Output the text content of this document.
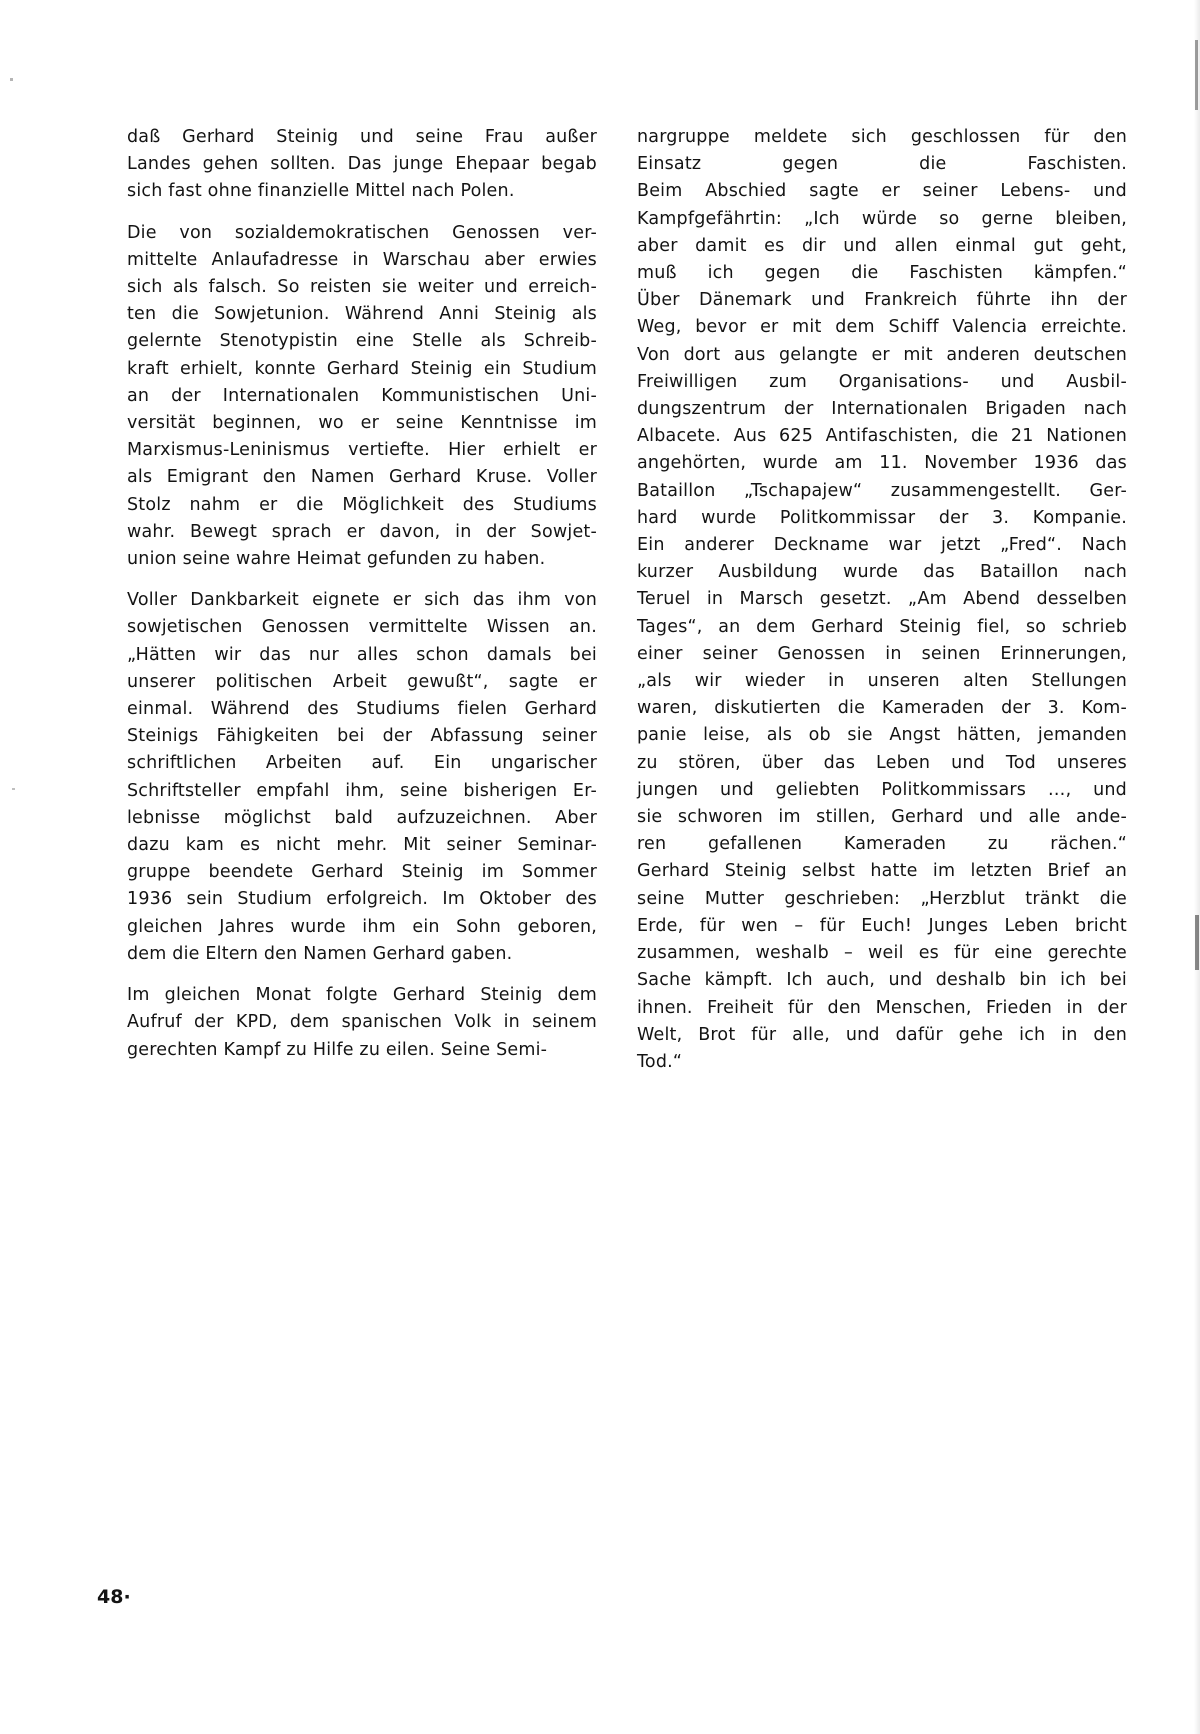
daß Gerhard Steinig und seine Frau außer
Landes gehen sollten. Das junge Ehepaar begab
sich fast ohne finanzielle Mittel nach Polen.
Die von sozialdemokratischen Genossen ver-
mittelte Anlaufadresse in Warschau aber erwies
sich als falsch. So reisten sie weiter und erreich-
ten die Sowjetunion. Während Anni Steinig als
gelernte Stenotypistin eine Stelle als Schreib-
kraft erhielt, konnte Gerhard Steinig ein Studium
an der Internationalen Kommunistischen Uni-
versität beginnen, wo er seine Kenntnisse im
Marxismus-Leninismus vertiefte. Hier erhielt er
als Emigrant den Namen Gerhard Kruse. Voller
Stolz nahm er die Möglichkeit des Studiums
wahr. Bewegt sprach er davon, in der Sowjet-
union seine wahre Heimat gefunden zu haben.
Voller Dankbarkeit eignete er sich das ihm von
sowjetischen Genossen vermittelte Wissen an.
„Hätten wir das nur alles schon damals bei
unserer politischen Arbeit gewußt“, sagte er
einmal. Während des Studiums fielen Gerhard
Steinigs Fähigkeiten bei der Abfassung seiner
schriftlichen Arbeiten auf. Ein ungarischer
Schriftsteller empfahl ihm, seine bisherigen Er-
lebnisse möglichst bald aufzuzeichnen. Aber
dazu kam es nicht mehr. Mit seiner Seminar-
gruppe beendete Gerhard Steinig im Sommer
1936 sein Studium erfolgreich. Im Oktober des
gleichen Jahres wurde ihm ein Sohn geboren,
dem die Eltern den Namen Gerhard gaben.
Im gleichen Monat folgte Gerhard Steinig dem
Aufruf der KPD, dem spanischen Volk in seinem
gerechten Kampf zu Hilfe zu eilen. Seine Semi-
nargruppe meldete sich geschlossen für den
Einsatz gegen die Faschisten.
Beim Abschied sagte er seiner Lebens- und
Kampfgefährtin: „Ich würde so gerne bleiben,
aber damit es dir und allen einmal gut geht,
muß ich gegen die Faschisten kämpfen.“
Über Dänemark und Frankreich führte ihn der
Weg, bevor er mit dem Schiff Valencia erreichte.
Von dort aus gelangte er mit anderen deutschen
Freiwilligen zum Organisations- und Ausbil-
dungszentrum der Internationalen Brigaden nach
Albacete. Aus 625 Antifaschisten, die 21 Nationen
angehörten, wurde am 11. November 1936 das
Bataillon „Tschapajew“ zusammengestellt. Ger-
hard wurde Politkommissar der 3. Kompanie.
Ein anderer Deckname war jetzt „Fred“. Nach
kurzer Ausbildung wurde das Bataillon nach
Teruel in Marsch gesetzt. „Am Abend desselben
Tages“, an dem Gerhard Steinig fiel, so schrieb
einer seiner Genossen in seinen Erinnerungen,
„als wir wieder in unseren alten Stellungen
waren, diskutierten die Kameraden der 3. Kom-
panie leise, als ob sie Angst hätten, jemanden
zu stören, über das Leben und Tod unseres
jungen und geliebten Politkommissars …, und
sie schworen im stillen, Gerhard und alle ande-
ren gefallenen Kameraden zu rächen.“
Gerhard Steinig selbst hatte im letzten Brief an
seine Mutter geschrieben: „Herzblut tränkt die
Erde, für wen – für Euch! Junges Leben bricht
zusammen, weshalb – weil es für eine gerechte
Sache kämpft. Ich auch, und deshalb bin ich bei
ihnen. Freiheit für den Menschen, Frieden in der
Welt, Brot für alle, und dafür gehe ich in den
Tod.“
48·
